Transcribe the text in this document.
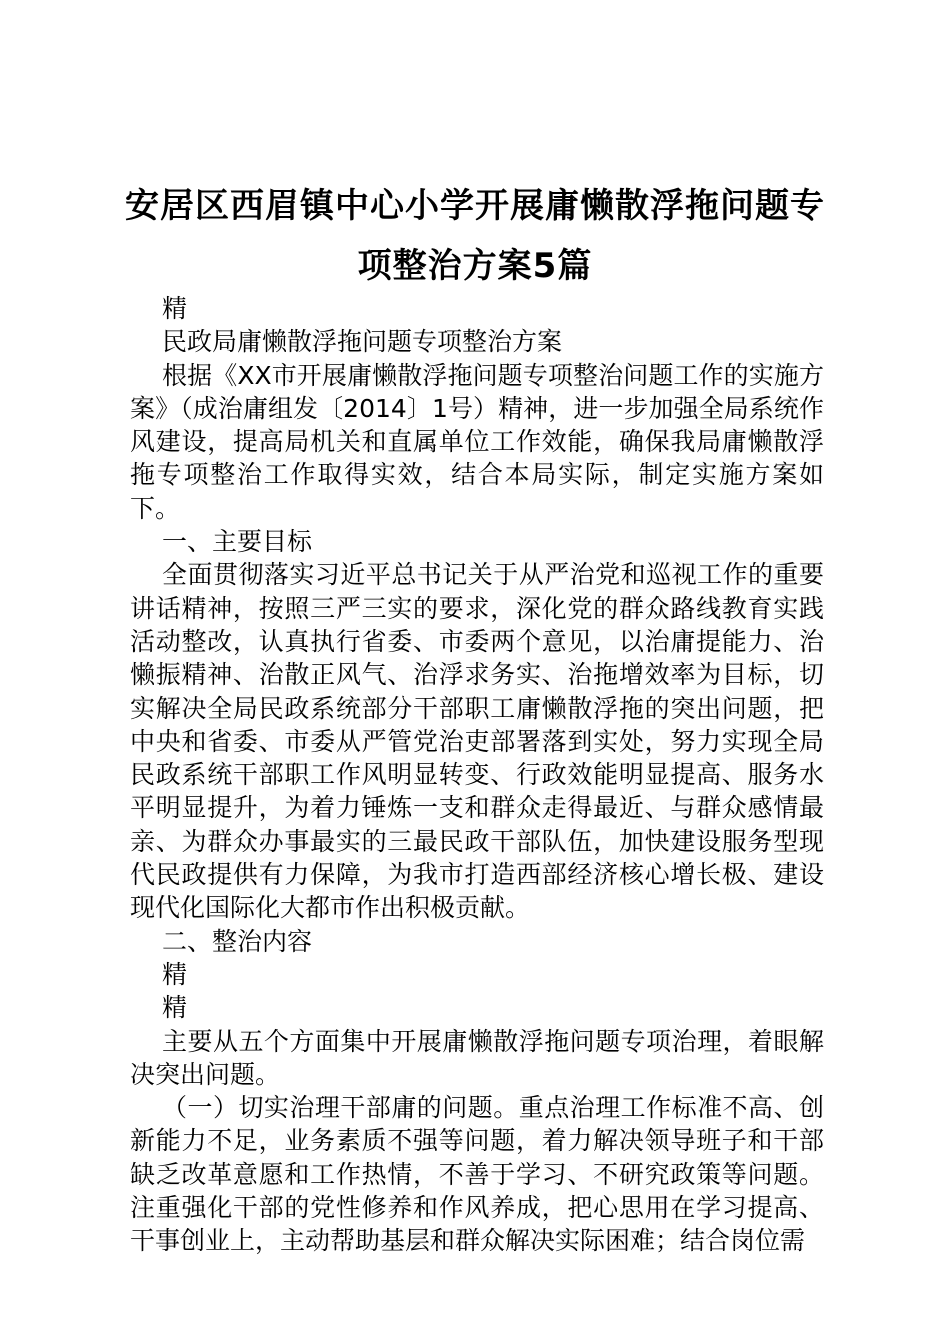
安居区西眉镇中心小学开展庸懒散浮拖问题专
项整治方案5篇

精

民政局庸懒散浮拖问题专项整治方案

根据《XX市开展庸懒散浮拖问题专项整治问题工作的实施方案》（成治庸组发〔2014〕1号）精神，进一步加强全局系统作风建设，提高局机关和直属单位工作效能，确保我局庸懒散浮拖专项整治工作取得实效，结合本局实际，制定实施方案如下。

一、主要目标

全面贯彻落实习近平总书记关于从严治党和巡视工作的重要讲话精神，按照三严三实的要求，深化党的群众路线教育实践活动整改，认真执行省委、市委两个意见，以治庸提能力、治懒振精神、治散正风气、治浮求务实、治拖增效率为目标，切实解决全局民政系统部分干部职工庸懒散浮拖的突出问题，把中央和省委、市委从严管党治吏部署落到实处，努力实现全局民政系统干部职工作风明显转变、行政效能明显提高、服务水平明显提升，为着力锤炼一支和群众走得最近、与群众感情最亲、为群众办事最实的三最民政干部队伍，加快建设服务型现代民政提供有力保障，为我市打造西部经济核心增长极、建设现代化国际化大都市作出积极贡献。

二、整治内容

精

精

主要从五个方面集中开展庸懒散浮拖问题专项治理，着眼解决突出问题。

（一）切实治理干部庸的问题。重点治理工作标准不高、创新能力不足，业务素质不强等问题，着力解决领导班子和干部缺乏改革意愿和工作热情，不善于学习、不研究政策等问题。注重强化干部的党性修养和作风养成，把心思用在学习提高、干事创业上，主动帮助基层和群众解决实际困难；结合岗位需
